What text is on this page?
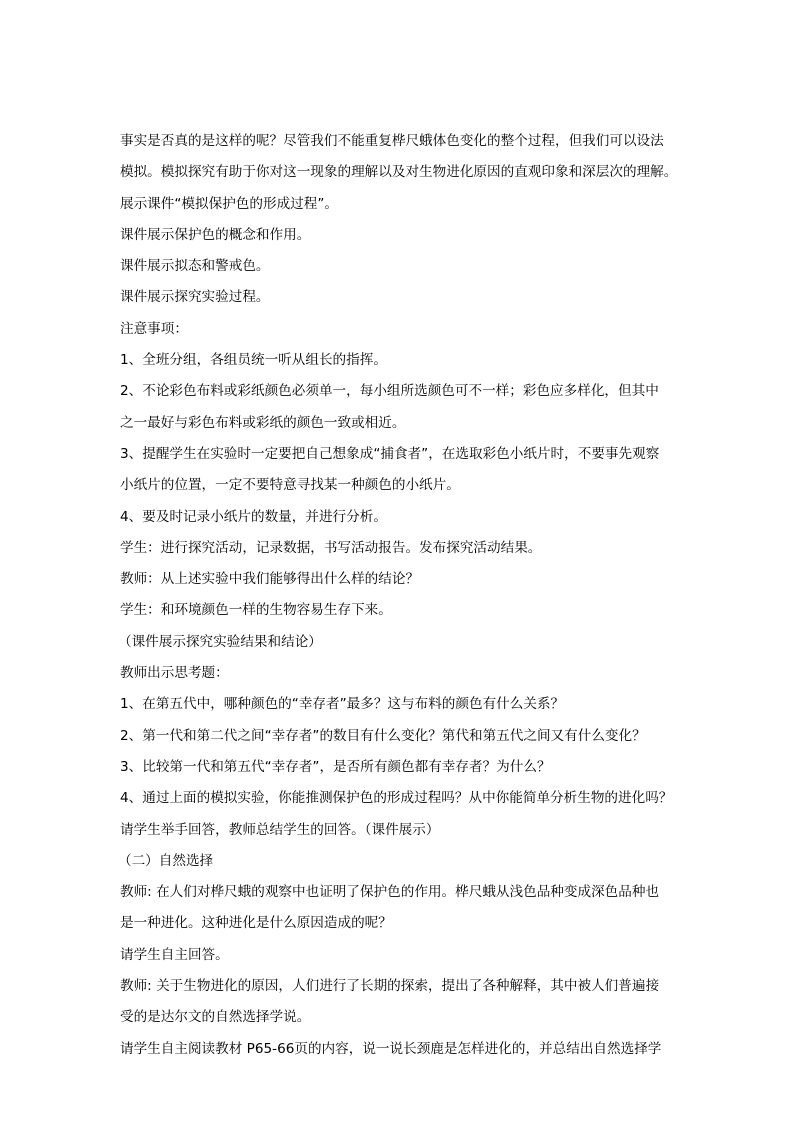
事实是否真的是这样的呢？尽管我们不能重复桦尺蛾体色变化的整个过程，但我们可以设法
模拟。模拟探究有助于你对这一现象的理解以及对生物进化原因的直观印象和深层次的理解。
展示课件“模拟保护色的形成过程”。
课件展示保护色的概念和作用。
课件展示拟态和警戒色。
课件展示探究实验过程。
注意事项：
1、全班分组，各组员统一听从组长的指挥。
2、不论彩色布料或彩纸颜色必须单一，每小组所选颜色可不一样；彩色应多样化，但其中
之一最好与彩色布料或彩纸的颜色一致或相近。
3、提醒学生在实验时一定要把自己想象成“捕食者”，在选取彩色小纸片时，不要事先观察
小纸片的位置，一定不要特意寻找某一种颜色的小纸片。
4、要及时记录小纸片的数量，并进行分析。
学生：进行探究活动，记录数据，书写活动报告。发布探究活动结果。
教师：从上述实验中我们能够得出什么样的结论？
学生：和环境颜色一样的生物容易生存下来。
（课件展示探究实验结果和结论）
教师出示思考题：
1、在第五代中，哪种颜色的“幸存者”最多？这与布料的颜色有什么关系？
2、第一代和第二代之间“幸存者”的数目有什么变化？第代和第五代之间又有什么变化？
3、比较第一代和第五代“幸存者”，是否所有颜色都有幸存者？为什么？
4、通过上面的模拟实验，你能推测保护色的形成过程吗？从中你能简单分析生物的进化吗？
请学生举手回答，教师总结学生的回答。（课件展示）
（二）自然选择
教师: 在人们对桦尺蛾的观察中也证明了保护色的作用。桦尺蛾从浅色品种变成深色品种也
是一种进化。这种进化是什么原因造成的呢？
请学生自主回答。
教师: 关于生物进化的原因，人们进行了长期的探索，提出了各种解释，其中被人们普遍接
受的是达尔文的自然选择学说。
请学生自主阅读教材 P65-66页的内容，说一说长颈鹿是怎样进化的，并总结出自然选择学
